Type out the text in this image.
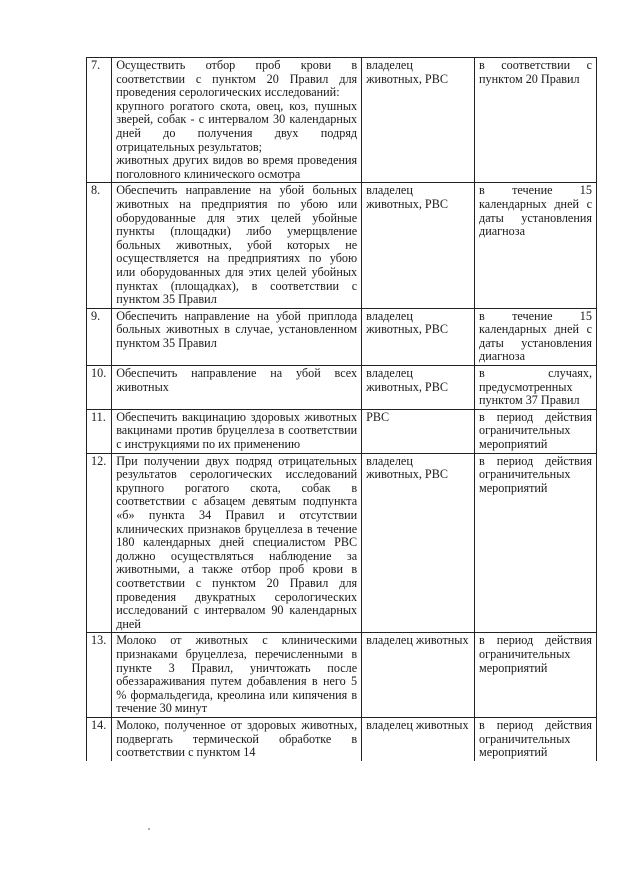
7.	Осуществить отбор проб крови в соответствии с пунктом 20 Правил для проведения серологических исследований:
крупного рогатого скота, овец, коз, пушных зверей, собак - с интервалом 30 календарных дней до получения двух подряд отрицательных результатов;
животных других видов во время проведения поголовного клинического осмотра	владелец животных, РВС	в соответствии с пунктом 20 Правил
8.	Обеспечить направление на убой больных животных на предприятия по убою или оборудованные для этих целей убойные пункты (площадки) либо умерщвление больных животных, убой которых не осуществляется на предприятиях по убою или оборудованных для этих целей убойных пунктах (площадках), в соответствии с пунктом 35 Правил	владелец животных, РВС	в течение 15 календарных дней с даты установления диагноза
9.	Обеспечить направление на убой приплода больных животных в случае, установленном пунктом 35 Правил	владелец животных, РВС	в течение 15 календарных дней с даты установления диагноза
10.	Обеспечить направление на убой всех животных	владелец животных, РВС	в случаях, предусмотренных пунктом 37 Правил
11.	Обеспечить вакцинацию здоровых животных вакцинами против бруцеллеза в соответствии с инструкциями по их применению	РВС	в период действия ограничительных мероприятий
12.	При получении двух подряд отрицательных результатов серологических исследований крупного рогатого скота, собак в соответствии с абзацем девятым подпункта «б» пункта 34 Правил и отсутствии клинических признаков бруцеллеза в течение 180 календарных дней специалистом РВС должно осуществляться наблюдение за животными, а также отбор проб крови в соответствии с пунктом 20 Правил для проведения двукратных серологических исследований с интервалом 90 календарных дней	владелец животных, РВС	в период действия ограничительных мероприятий
13.	Молоко от животных с клиническими признаками бруцеллеза, перечисленными в пункте 3 Правил, уничтожать после обеззараживания путем добавления в него 5 % формальдегида, креолина или кипячения в течение 30 минут	владелец животных	в период действия ограничительных мероприятий
14.	Молоко, полученное от здоровых животных, подвергать термической обработке в соответствии с пунктом 14	владелец животных	в период действия ограничительных мероприятий
